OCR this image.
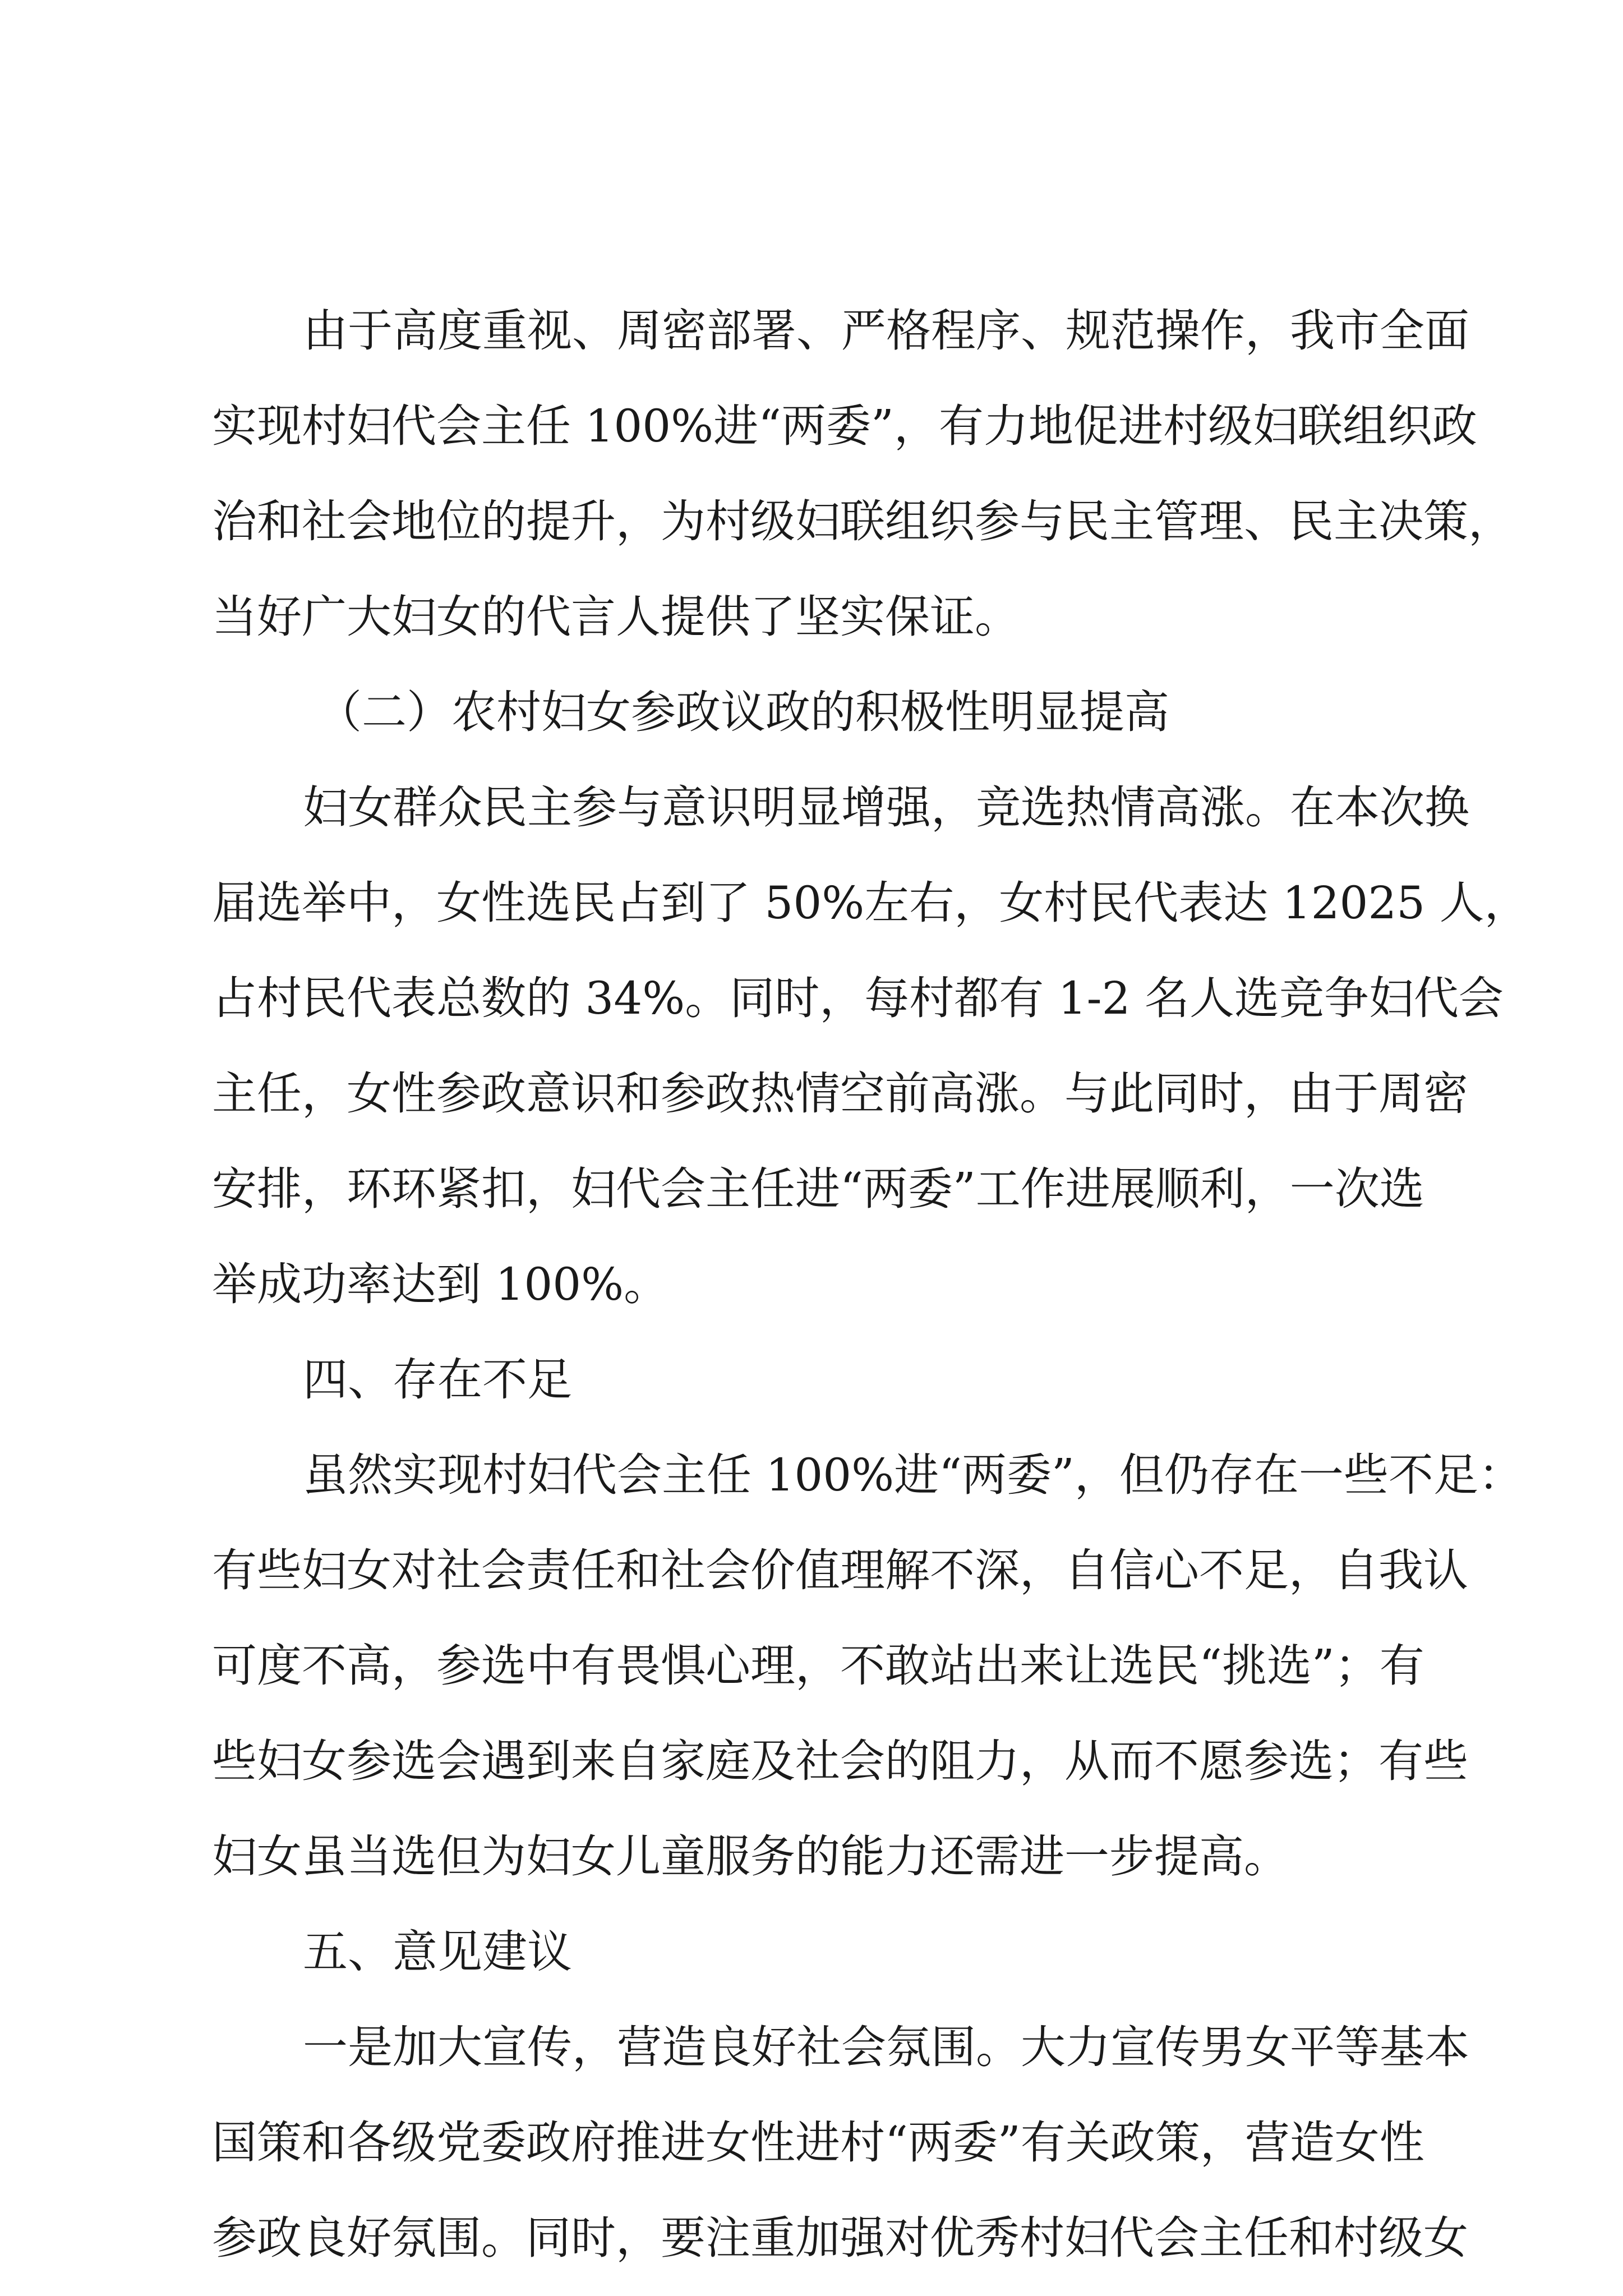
由于高度重视、周密部署、严格程序、规范操作，我市全面
实现村妇代会主任 100%进“两委”，有力地促进村级妇联组织政
治和社会地位的提升，为村级妇联组织参与民主管理、民主决策，
当好广大妇女的代言人提供了坚实保证。
（二）农村妇女参政议政的积极性明显提高
妇女群众民主参与意识明显增强，竞选热情高涨。在本次换
届选举中，女性选民占到了 50%左右，女村民代表达 12025 人，
占村民代表总数的 34%。同时，每村都有 1-2 名人选竞争妇代会
主任，女性参政意识和参政热情空前高涨。与此同时，由于周密
安排，环环紧扣，妇代会主任进“两委”工作进展顺利，一次选
举成功率达到 100%。
四、存在不足
虽然实现村妇代会主任 100%进“两委”，但仍存在一些不足：
有些妇女对社会责任和社会价值理解不深，自信心不足，自我认
可度不高，参选中有畏惧心理，不敢站出来让选民“挑选”；有
些妇女参选会遇到来自家庭及社会的阻力，从而不愿参选；有些
妇女虽当选但为妇女儿童服务的能力还需进一步提高。
五、意见建议
一是加大宣传，营造良好社会氛围。大力宣传男女平等基本
国策和各级党委政府推进女性进村“两委”有关政策，营造女性
参政良好氛围。同时，要注重加强对优秀村妇代会主任和村级女
